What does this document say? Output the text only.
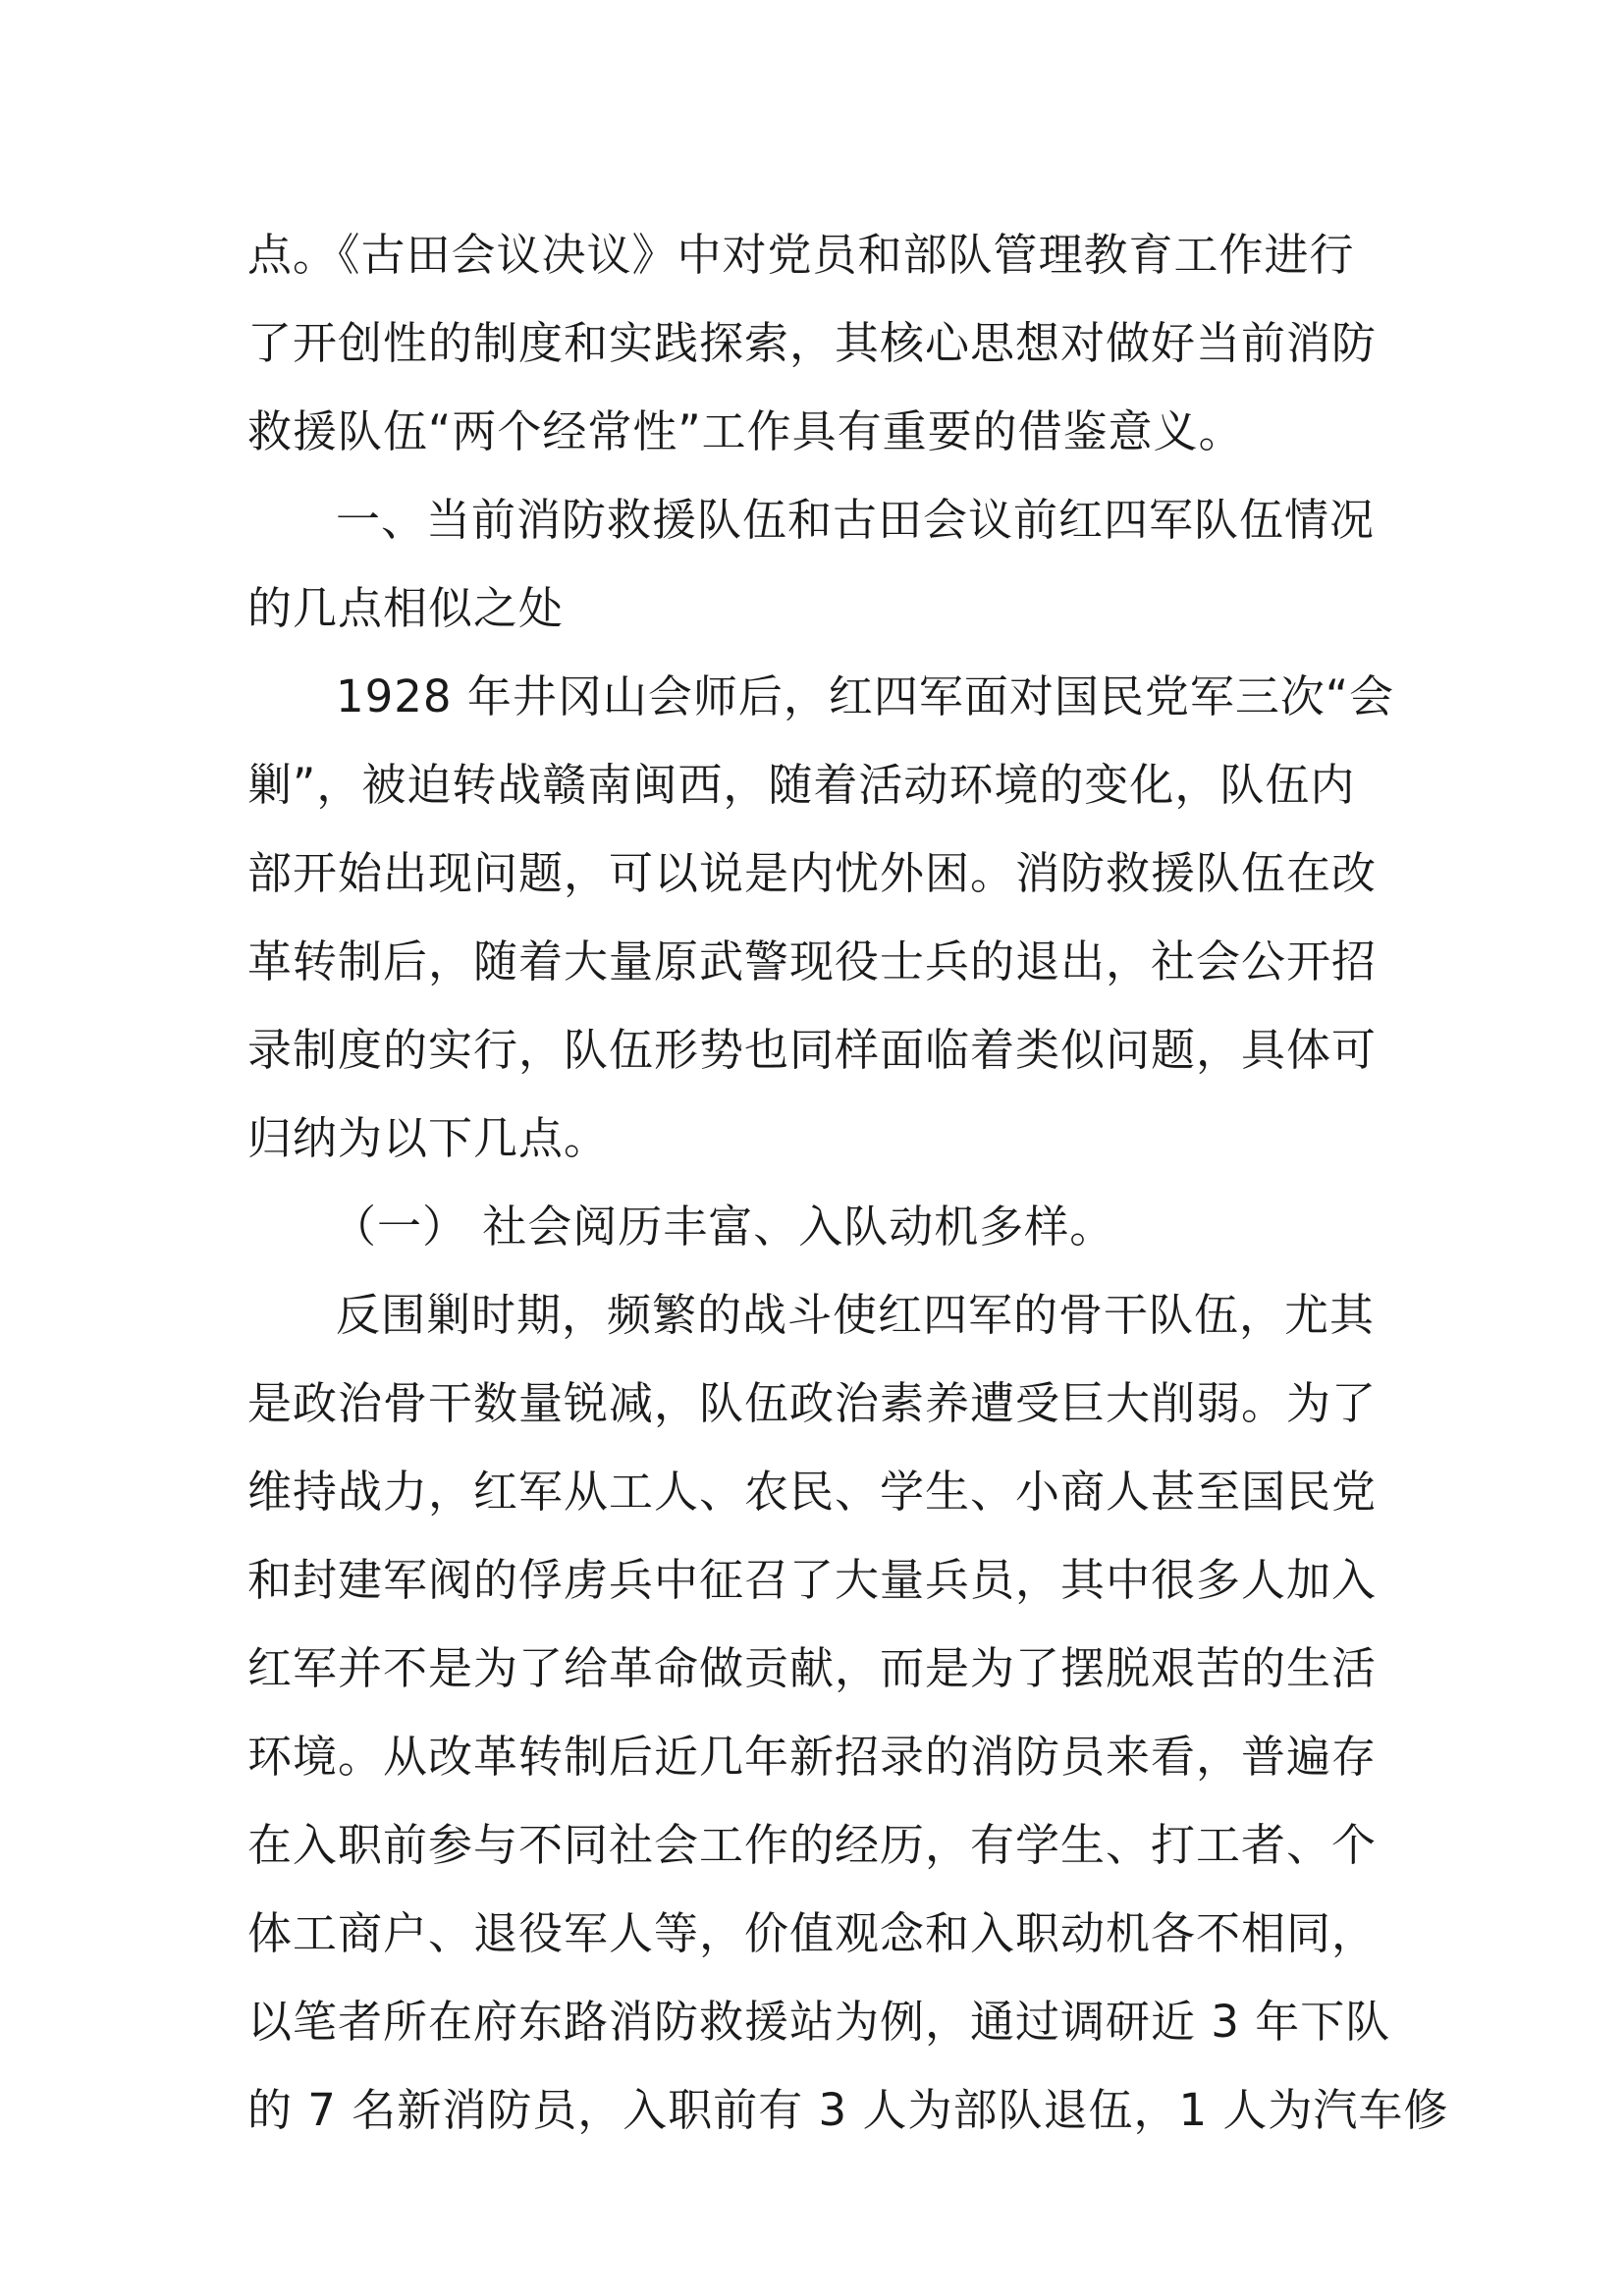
点。《古田会议决议》中对党员和部队管理教育工作进行
了开创性的制度和实践探索，其核心思想对做好当前消防
救援队伍“两个经常性”工作具有重要的借鉴意义。
一、当前消防救援队伍和古田会议前红四军队伍情况
的几点相似之处
1928 年井冈山会师后，红四军面对国民党军三次“会
剿”，被迫转战赣南闽西，随着活动环境的变化，队伍内
部开始出现问题，可以说是内忧外困。消防救援队伍在改
革转制后，随着大量原武警现役士兵的退出，社会公开招
录制度的实行，队伍形势也同样面临着类似问题，具体可
归纳为以下几点。
（一） 社会阅历丰富、入队动机多样。
反围剿时期，频繁的战斗使红四军的骨干队伍，尤其
是政治骨干数量锐减，队伍政治素养遭受巨大削弱。为了
维持战力，红军从工人、农民、学生、小商人甚至国民党
和封建军阀的俘虏兵中征召了大量兵员，其中很多人加入
红军并不是为了给革命做贡献，而是为了摆脱艰苦的生活
环境。从改革转制后近几年新招录的消防员来看，普遍存
在入职前参与不同社会工作的经历，有学生、打工者、个
体工商户、退役军人等，价值观念和入职动机各不相同，
以笔者所在府东路消防救援站为例，通过调研近 3 年下队
的 7 名新消防员，入职前有 3 人为部队退伍，1 人为汽车修
